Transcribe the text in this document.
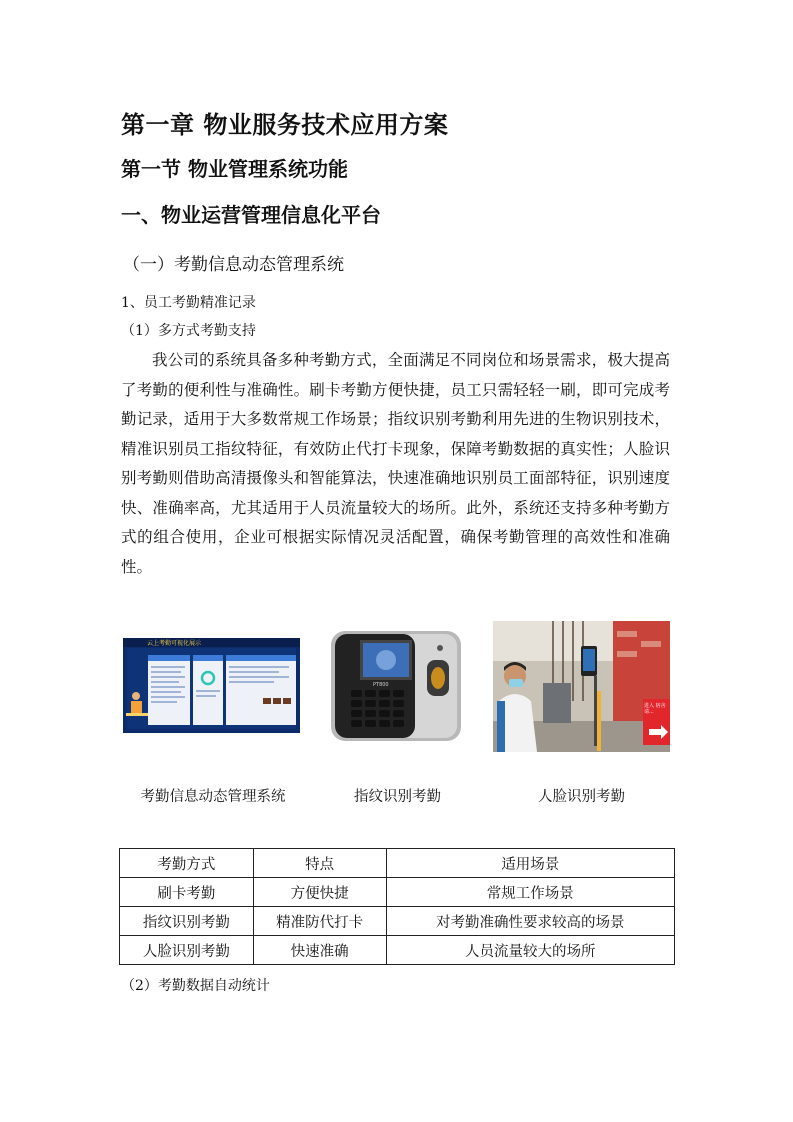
第一章 物业服务技术应用方案
第一节 物业管理系统功能
一、物业运营管理信息化平台
（一）考勤信息动态管理系统
1、员工考勤精准记录
（1）多方式考勤支持

我公司的系统具备多种考勤方式，全面满足不同岗位和场景需求，极大提高了考勤的便利性与准确性。刷卡考勤方便快捷，员工只需轻轻一刷，即可完成考勤记录，适用于大多数常规工作场景；指纹识别考勤利用先进的生物识别技术，精准识别员工指纹特征，有效防止代打卡现象，保障考勤数据的真实性；人脸识别考勤则借助高清摄像头和智能算法，快速准确地识别员工面部特征，识别速度快、准确率高，尤其适用于人员流量较大的场所。此外，系统还支持多种考勤方式的组合使用，企业可根据实际情况灵活配置，确保考勤管理的高效性和准确性。

云上考勤可视化展示
PT800
进入 宿舍请...
考勤信息动态管理系统	指纹识别考勤	人脸识别考勤
考勤方式	特点	适用场景
刷卡考勤	方便快捷	常规工作场景
指纹识别考勤	精准防代打卡	对考勤准确性要求较高的场景
人脸识别考勤	快速准确	人员流量较大的场所
（2）考勤数据自动统计
